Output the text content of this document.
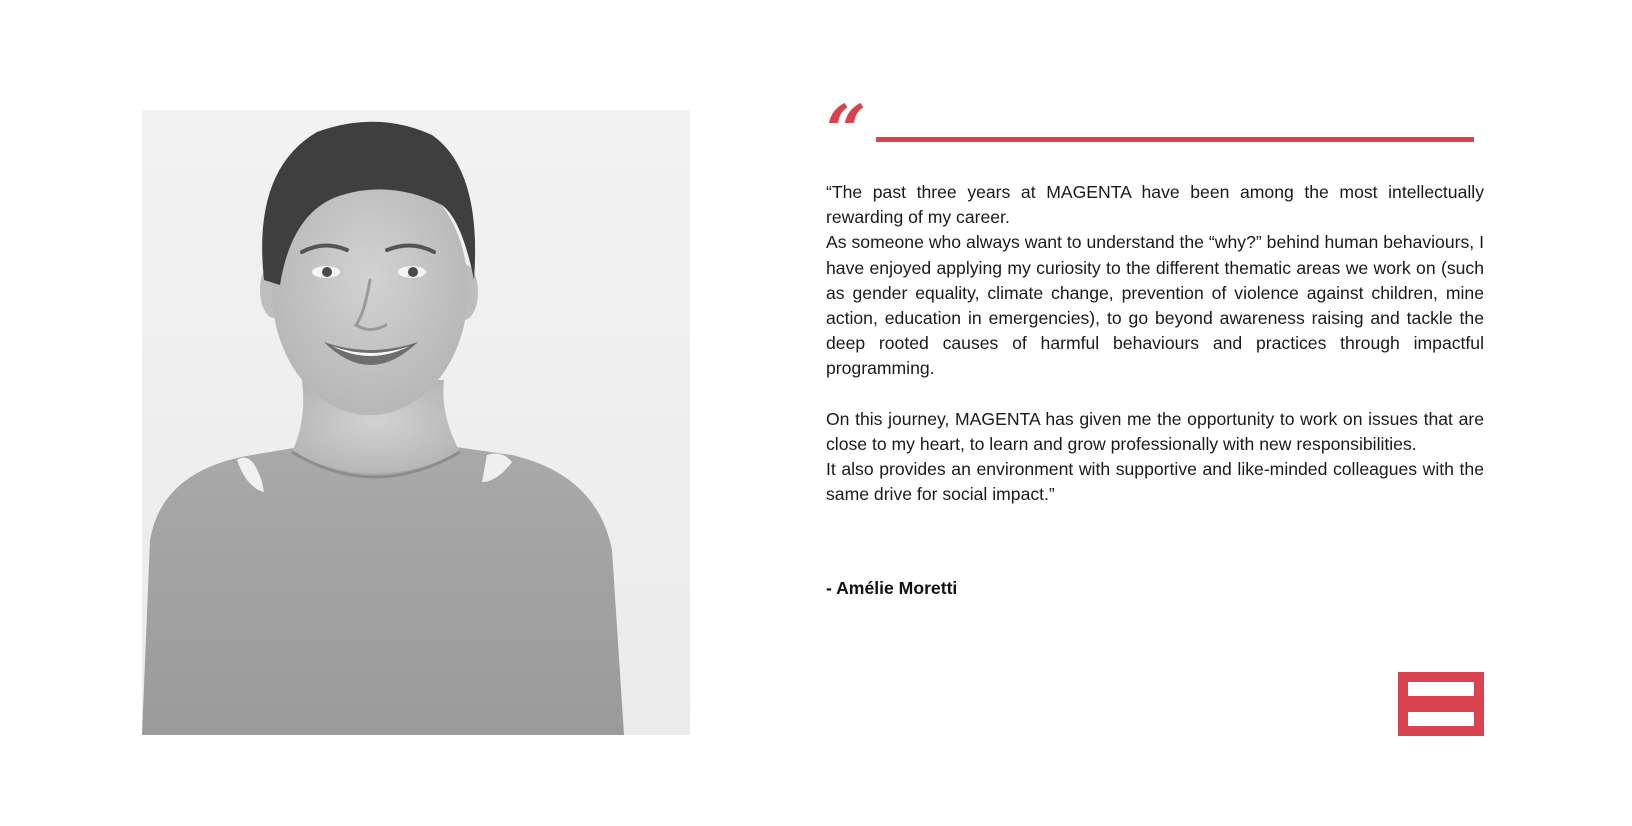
“

“The past three years at MAGENTA have been among the most intellectually rewarding of my career.

As someone who always want to understand the “why?” behind human behaviours, I have enjoyed applying my curiosity to the different thematic areas we work on (such as gender equality, climate change, prevention of violence against children, mine action, education in emergencies), to go beyond awareness raising and tackle the deep rooted causes of harmful behaviours and practices through impactful programming.

On this journey, MAGENTA has given me the opportunity to work on issues that are close to my heart, to learn and grow professionally with new responsibilities.

It also provides an environment with supportive and like-minded colleagues with the same drive for social impact.”

- Amélie Moretti
